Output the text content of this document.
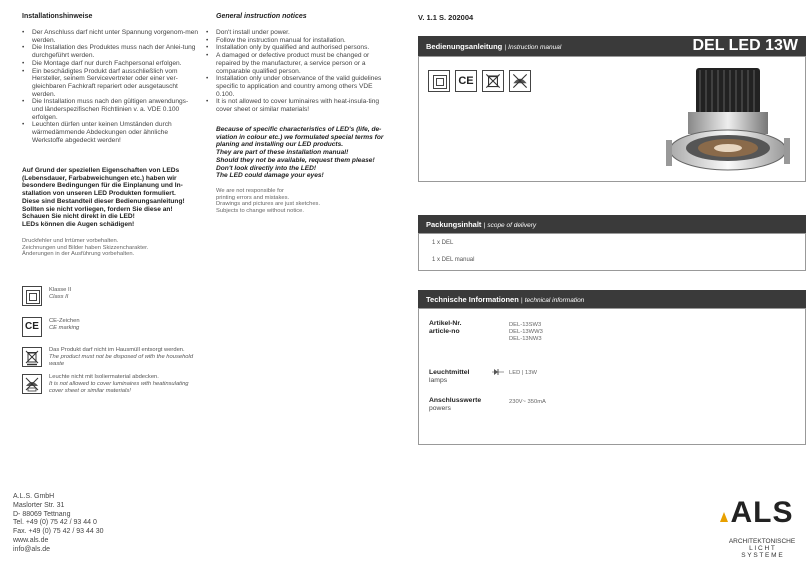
Installationshinweise
• Der Anschluss darf nicht unter Spannung vorgenom-men werden.
• Die Installation des Produktes muss nach der Anlei-tung durchgeführt werden.
• Die Montage darf nur durch Fachpersonal erfolgen.
• Ein beschädigtes Produkt darf ausschließlich vom Hersteller, seinem Servicevertreter oder einer ver-gleichbaren Fachkraft repariert oder ausgetauscht werden.
• Die Installation muss nach den gültigen anwendungs- und länderspezifischen Richtlinien v. a. VDE 0.100 erfolgen.
• Leuchten dürfen unter keinen Umständen durch wärmedämmende Abdeckungen oder ähnliche Werkstoffe abgedeckt werden!
Auf Grund der speziellen Eigenschaften von LEDs
(Lebensdauer, Farbabweichungen etc.) haben wir
besondere Bedingungen für die Einplanung und In-
stallation von unseren LED Produkten formuliert.
Diese sind Bestandteil dieser Bedienungsanleitung!
Sollten sie nicht vorliegen, fordern Sie diese an!
Schauen Sie nicht direkt in die LED!
LEDs können die Augen schädigen!
Druckfehler und Irrtümer vorbehalten.
Zeichnungen und Bilder haben Skizzencharakter.
Änderungen in der Ausführung vorbehalten.
Klasse II
Class II
CE	CE-Zeichen
CE marking
Das Produkt darf nicht im Hausmüll entsorgt werden.
The product must not be disposed of with the household waste
Leuchte nicht mit Isoliermaterial abdecken.
It is not allowed to cover luminaires with heatinsulating cover sheet or similar materials!
A.L.S. GmbH
Maslorter Str. 31
D- 88069 Tettnang
Tel. +49 (0) 75 42 / 93 44 0
Fax. +49 (0) 75 42 / 93 44 30
www.als.de
info@als.de
General instruction notices
• Don't install under power.
• Follow the instruction manual for installation.
• Installation only by qualified and authorised persons.
• A damaged or defective product must be changed or repaired by the manufacturer, a service person or a comparable qualified person.
• Installation only under observance of the valid guidelines specific to application and country among others VDE 0.100.
• It is not allowed to cover luminaires with heat-insula-ting cover sheet or similar materials!
Because of specific characteristics of LED's (life, de-
viation in colour etc.) we formulated special terms for
planing and installing our LED products.
They are part of these installation manual!
Should they not be available, request them please!
Don't look directly into the LED!
The LED could damage your eyes!
We are not responsible for
printing errors and mistakes.
Drawings and pictures are just sketches.
Subjects to change without notice.
V. 1.1 S. 202004
Bedienungsanleitung | Instruction manual	DEL LED 13W
CE
Packungsinhalt | scope of delivery
1 x DEL
1 x DEL manual
Technische Informationen | technical information
Artikel-Nr.
article-no
DEL-13SW3
DEL-13WW3
DEL-13NW3
Leuchtmittel
lamps
LED | 13W
Anschlusswerte
powers
230V~ 350mA
ALS
ARCHITEKTONISCHE
L I C H T
S Y S T E M E
